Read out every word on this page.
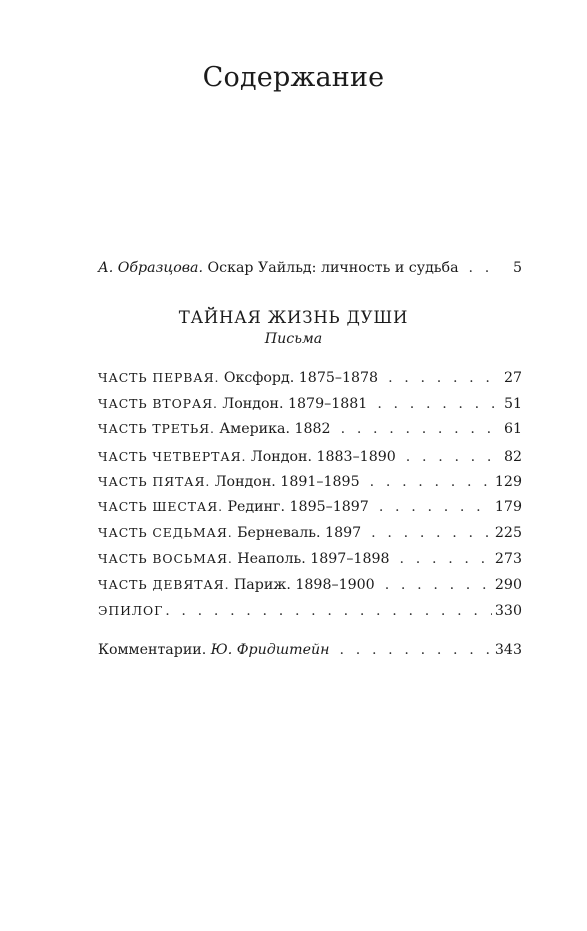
Содержание
А. Образцова. Оскар Уайльд: личность и судьба . . .	5
ТАЙНАЯ ЖИЗНЬ ДУШИ
Письма
ЧАСТЬ ПЕРВАЯ. Оксфорд. 1875–1878 . . .	27
ЧАСТЬ ВТОРАЯ. Лондон. 1879–1881 . . .	51
ЧАСТЬ ТРЕТЬЯ. Америка. 1882 . . .	61
ЧАСТЬ ЧЕТВЕРТАЯ. Лондон. 1883–1890 . . .	82
ЧАСТЬ ПЯТАЯ. Лондон. 1891–1895 . . .	129
ЧАСТЬ ШЕСТАЯ. Рединг. 1895–1897 . . .	179
ЧАСТЬ СЕДЬМАЯ. Берневаль. 1897 . . .	225
ЧАСТЬ ВОСЬМАЯ. Неаполь. 1897–1898 . . .	273
ЧАСТЬ ДЕВЯТАЯ. Париж. 1898–1900 . . .	290
ЭПИЛОГ . . .	330
Комментарии. Ю. Фридштейн . . .	343
